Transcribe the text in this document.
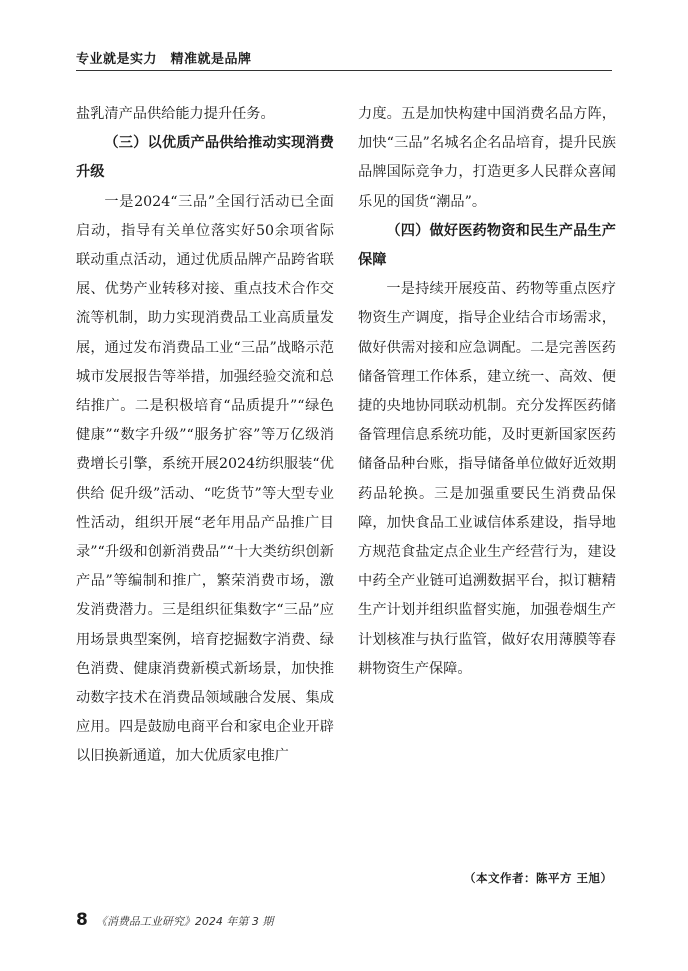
专业就是实力　精准就是品牌

盐乳清产品供给能力提升任务。

（三）以优质产品供给推动实现消费升级

一是2024“三品”全国行活动已全面启动，指导有关单位落实好50余项省际联动重点活动，通过优质品牌产品跨省联展、优势产业转移对接、重点技术合作交流等机制，助力实现消费品工业高质量发展，通过发布消费品工业“三品”战略示范城市发展报告等举措，加强经验交流和总结推广。二是积极培育“品质提升”“绿色健康”“数字升级”“服务扩容”等万亿级消费增长引擎，系统开展2024纺织服装“优供给 促升级”活动、“吃货节”等大型专业性活动，组织开展“老年用品产品推广目录”“升级和创新消费品”“十大类纺织创新产品”等编制和推广，繁荣消费市场，激发消费潜力。三是组织征集数字“三品”应用场景典型案例，培育挖掘数字消费、绿色消费、健康消费新模式新场景，加快推动数字技术在消费品领域融合发展、集成应用。四是鼓励电商平台和家电企业开辟以旧换新通道，加大优质家电推广

力度。五是加快构建中国消费名品方阵，加快“三品”名城名企名品培育，提升民族品牌国际竞争力，打造更多人民群众喜闻乐见的国货“潮品”。

（四）做好医药物资和民生产品生产保障

一是持续开展疫苗、药物等重点医疗物资生产调度，指导企业结合市场需求，做好供需对接和应急调配。二是完善医药储备管理工作体系，建立统一、高效、便捷的央地协同联动机制。充分发挥医药储备管理信息系统功能，及时更新国家医药储备品种台账，指导储备单位做好近效期药品轮换。三是加强重要民生消费品保障，加快食品工业诚信体系建设，指导地方规范食盐定点企业生产经营行为，建设中药全产业链可追溯数据平台，拟订糖精生产计划并组织监督实施，加强卷烟生产计划核准与执行监管，做好农用薄膜等春耕物资生产保障。

（本文作者：陈平方 王旭）
8 《消费品工业研究》2024 年第 3 期
